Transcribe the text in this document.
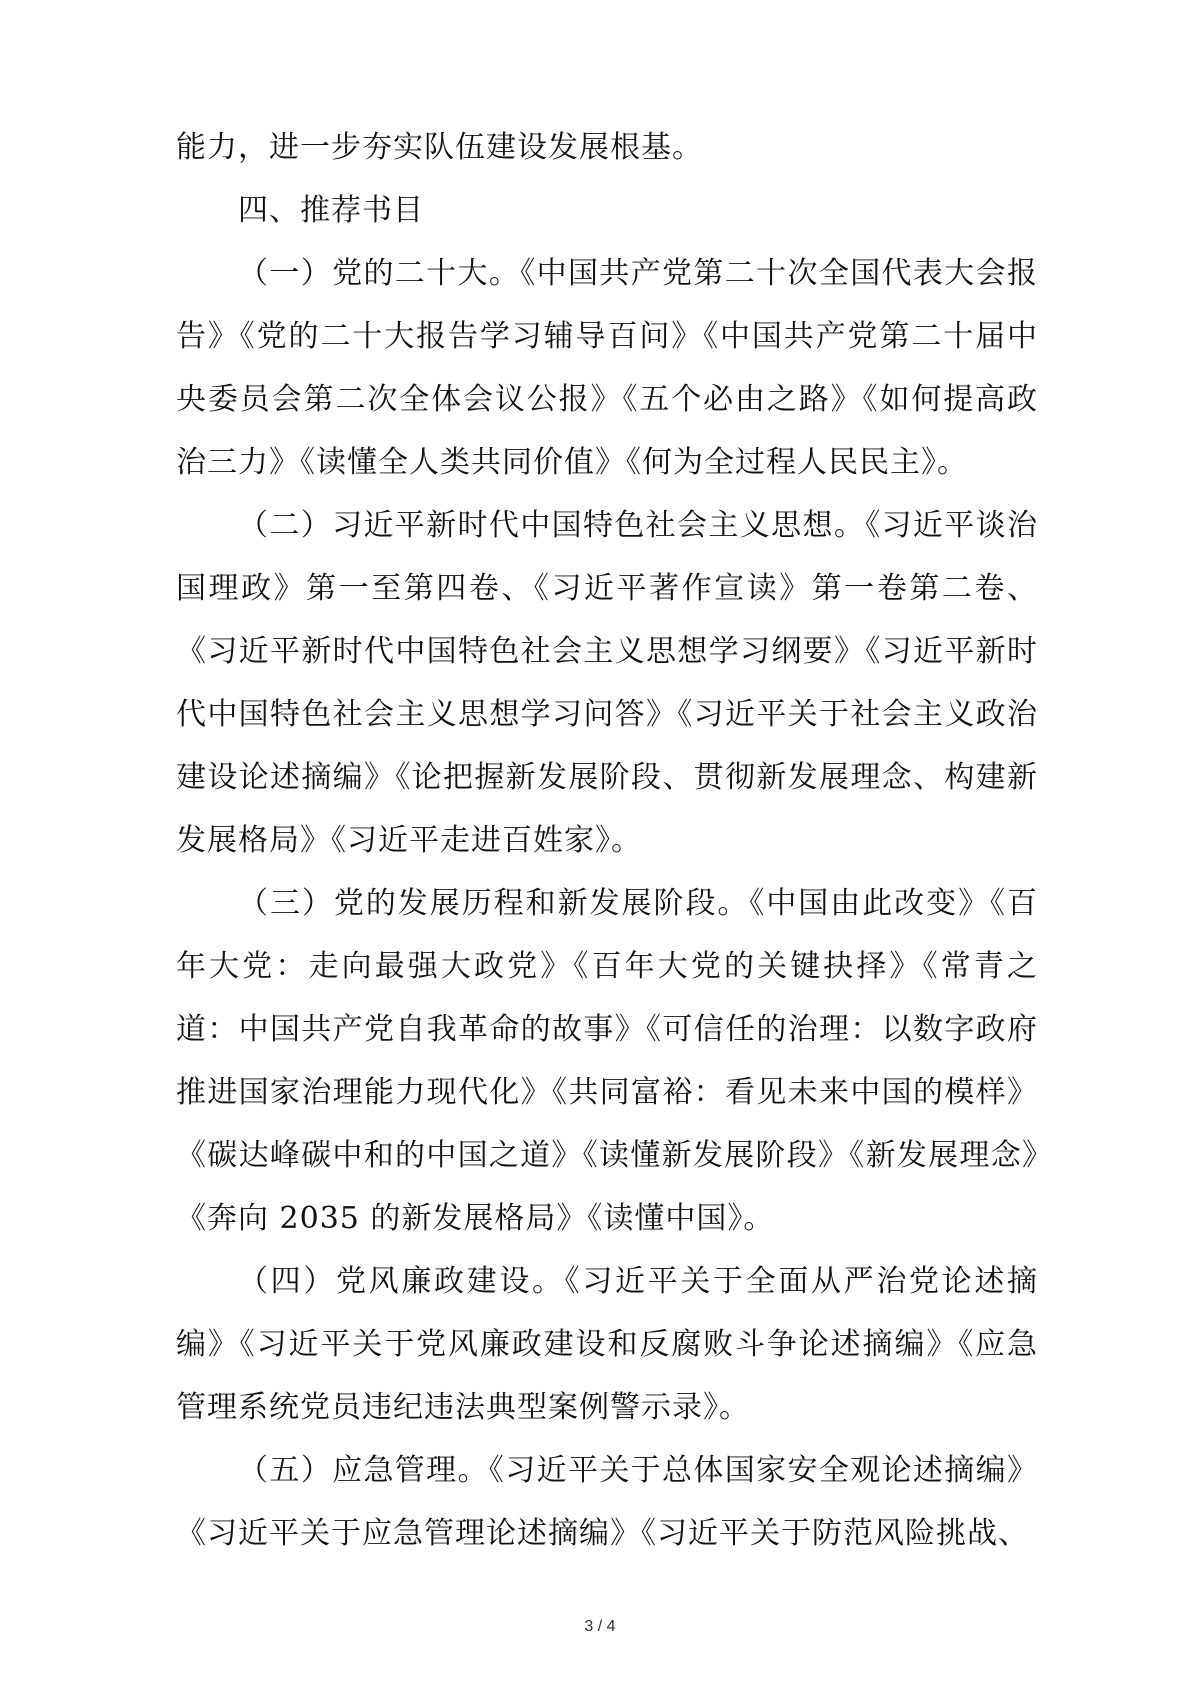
能力，进一步夯实队伍建设发展根基。

四、推荐书目

（一）党的二十大。《中国共产党第二十次全国代表大会报告》《党的二十大报告学习辅导百问》《中国共产党第二十届中央委员会第二次全体会议公报》《五个必由之路》《如何提高政治三力》《读懂全人类共同价值》《何为全过程人民民主》。

（二）习近平新时代中国特色社会主义思想。《习近平谈治国理政》第一至第四卷、《习近平著作宣读》第一卷第二卷、《习近平新时代中国特色社会主义思想学习纲要》《习近平新时代中国特色社会主义思想学习问答》《习近平关于社会主义政治建设论述摘编》《论把握新发展阶段、贯彻新发展理念、构建新发展格局》《习近平走进百姓家》。

（三）党的发展历程和新发展阶段。《中国由此改变》《百年大党：走向最强大政党》《百年大党的关键抉择》《常青之道：中国共产党自我革命的故事》《可信任的治理：以数字政府推进国家治理能力现代化》《共同富裕：看见未来中国的模样》《碳达峰碳中和的中国之道》《读懂新发展阶段》《新发展理念》《奔向 2035 的新发展格局》《读懂中国》。

（四）党风廉政建设。《习近平关于全面从严治党论述摘编》《习近平关于党风廉政建设和反腐败斗争论述摘编》《应急管理系统党员违纪违法典型案例警示录》。

（五）应急管理。《习近平关于总体国家安全观论述摘编》《习近平关于应急管理论述摘编》《习近平关于防范风险挑战、

3 / 4
